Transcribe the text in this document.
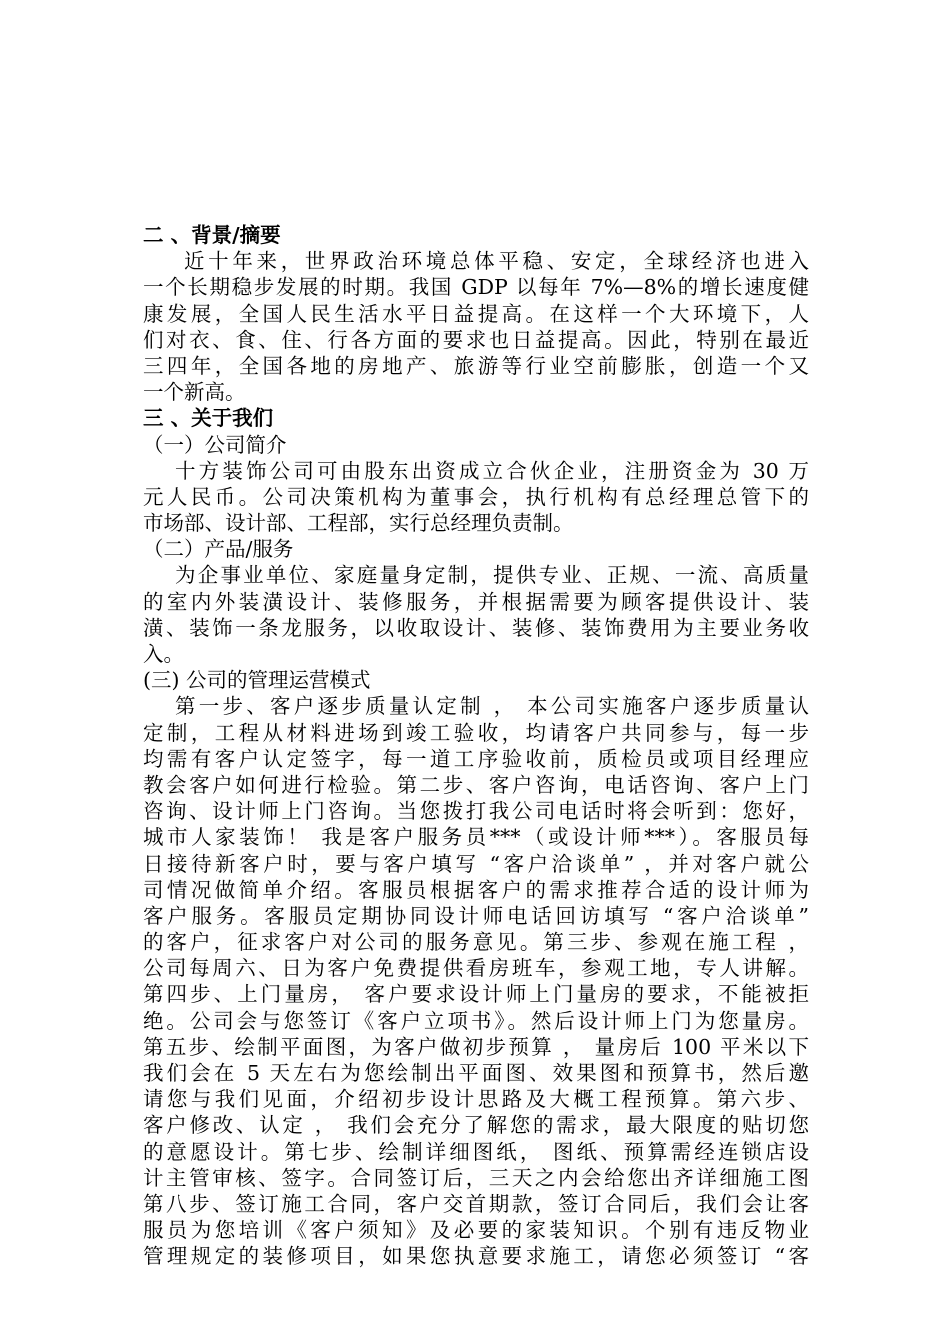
二 、背景/摘要
近十年来，世界政治环境总体平稳、安定，全球经济也进入
一个长期稳步发展的时期。我国 GDP 以每年 7%—8%的增长速度健
康发展，全国人民生活水平日益提高。在这样一个大环境下，人
们对衣、食、住、行各方面的要求也日益提高。因此，特别在最近
三四年，全国各地的房地产、旅游等行业空前膨胀，创造一个又
一个新高。
三 、关于我们
（一）公司简介
十方装饰公司可由股东出资成立合伙企业，注册资金为 30 万
元人民币。公司决策机构为董事会，执行机构有总经理总管下的
市场部、设计部、工程部，实行总经理负责制。
（二）产品/服务
为企事业单位、家庭量身定制，提供专业、正规、一流、高质量
的室内外装潢设计、装修服务，并根据需要为顾客提供设计、装
潢、装饰一条龙服务，以收取设计、装修、装饰费用为主要业务收
入。
(三) 公司的管理运营模式
第一步、客户逐步质量认定制 ， 本公司实施客户逐步质量认
定制，工程从材料进场到竣工验收，均请客户共同参与，每一步
均需有客户认定签字，每一道工序验收前，质检员或项目经理应
教会客户如何进行检验。第二步、客户咨询，电话咨询、客户上门
咨询、设计师上门咨询。当您拨打我公司电话时将会听到：您好，
城市人家装饰！ 我是客户服务员***（或设计师***）。客服员每
日接待新客户时，要与客户填写 “客户洽谈单” ，并对客户就公
司情况做简单介绍。客服员根据客户的需求推荐合适的设计师为
客户服务。客服员定期协同设计师电话回访填写 “客户洽谈单”
的客户，征求客户对公司的服务意见。第三步、参观在施工程 ，
公司每周六、日为客户免费提供看房班车，参观工地，专人讲解。
第四步、上门量房， 客户要求设计师上门量房的要求，不能被拒
绝。公司会与您签订《客户立项书》。然后设计师上门为您量房。
第五步、绘制平面图，为客户做初步预算 ， 量房后 100 平米以下
我们会在 5 天左右为您绘制出平面图、效果图和预算书，然后邀
请您与我们见面，介绍初步设计思路及大概工程预算。第六步、
客户修改、认定 ， 我们会充分了解您的需求，最大限度的贴切您
的意愿设计。第七步、绘制详细图纸， 图纸、预算需经连锁店设
计主管审核、签字。合同签订后，三天之内会给您出齐详细施工图
第八步、签订施工合同，客户交首期款，签订合同后，我们会让客
服员为您培训《客户须知》及必要的家装知识。个别有违反物业
管理规定的装修项目，如果您执意要求施工，请您必须签订 “客
